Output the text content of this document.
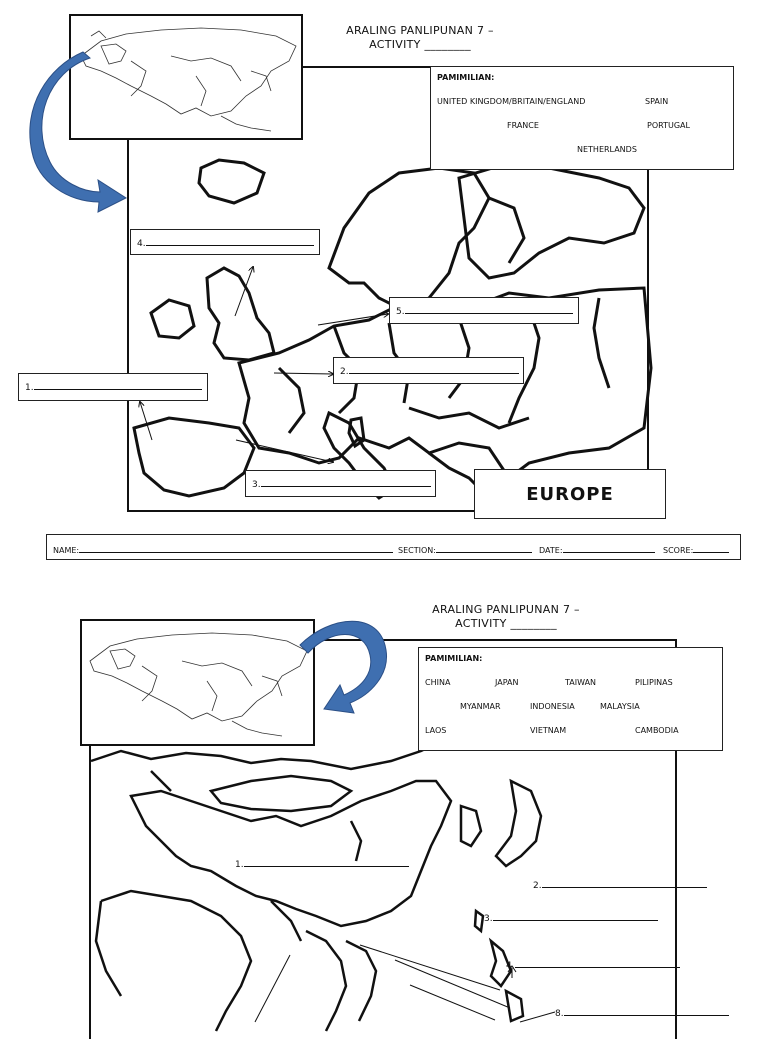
ARALING PANLIPUNAN 7 –
ACTIVITY ________
PAMIMILIAN:
UNITED KINGDOM/BRITAIN/ENGLAND	SPAIN
FRANCE	PORTUGAL
NETHERLANDS
4.
5.
1.
2.
3.	EUROPE
NAME:	SECTION:	DATE:	SCORE:
ARALING PANLIPUNAN 7 –
ACTIVITY ________
PAMIMILIAN:
CHINA	JAPAN	TAIWAN	PILIPINAS
MYANMAR	INDONESIA	MALAYSIA
LAOS	VIETNAM	CAMBODIA
1.
2.
3.
4.
8.
